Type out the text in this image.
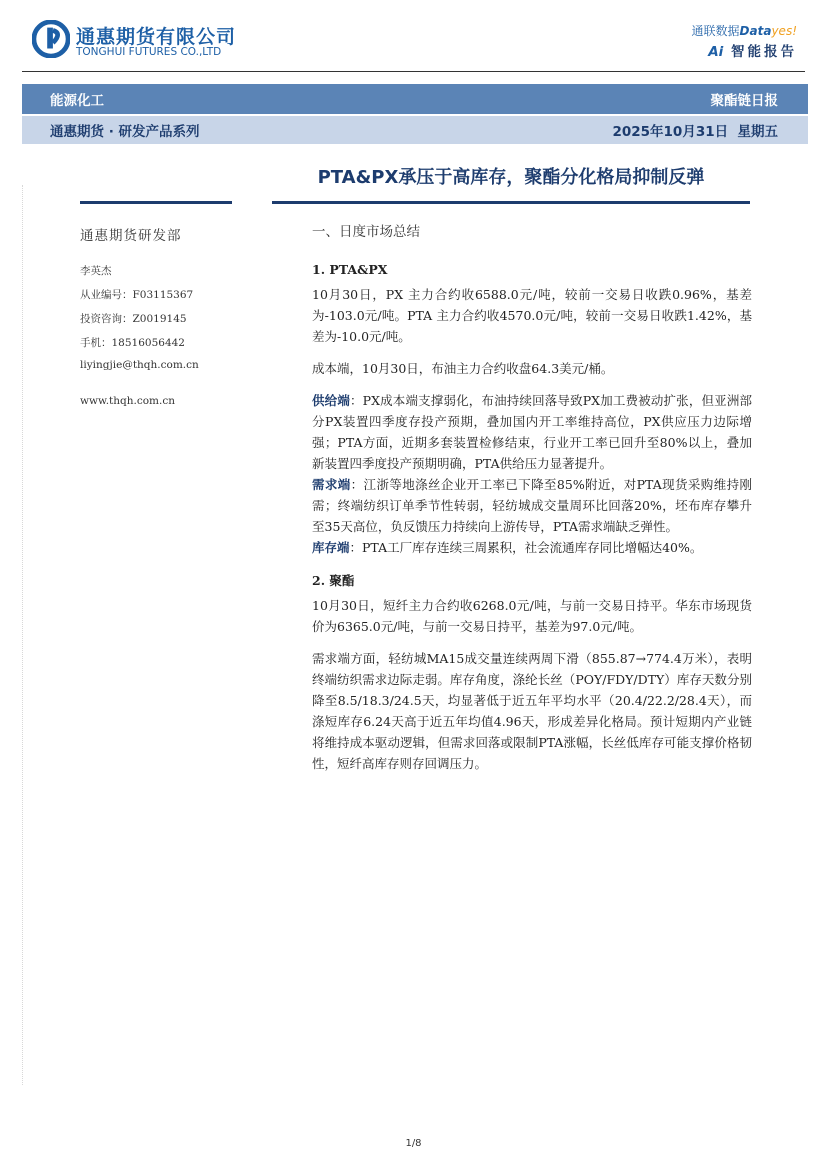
通惠期货有限公司
TONGHUI FUTURES CO.,LTD
通联数据Datayes!
Ai 智能报告
能源化工	聚酯链日报
通惠期货 · 研发产品系列	2025年10月31日  星期五
PTA&PX承压于高库存，聚酯分化格局抑制反弹
通惠期货研发部
李英杰
从业编号：F03115367
投资咨询：Z0019145
手机：18516056442
liyingjie@thqh.com.cn
www.thqh.com.cn

一、日度市场总结

1. PTA&PX

10月30日，PX 主力合约收6588.0元/吨，较前一交易日收跌0.96%，基差为-103.0元/吨。PTA 主力合约收4570.0元/吨，较前一交易日收跌1.42%，基差为-10.0元/吨。

成本端，10月30日，布油主力合约收盘64.3美元/桶。

供给端：PX成本端支撑弱化，布油持续回落导致PX加工费被动扩张，但亚洲部分PX装置四季度存投产预期，叠加国内开工率维持高位，PX供应压力边际增强；PTA方面，近期多套装置检修结束，行业开工率已回升至80%以上，叠加新装置四季度投产预期明确，PTA供给压力显著提升。

需求端：江浙等地涤丝企业开工率已下降至85%附近，对PTA现货采购维持刚需；终端纺织订单季节性转弱，轻纺城成交量周环比回落20%，坯布库存攀升至35天高位，负反馈压力持续向上游传导，PTA需求端缺乏弹性。

库存端：PTA工厂库存连续三周累积，社会流通库存同比增幅达40%。

2. 聚酯

10月30日，短纤主力合约收6268.0元/吨，与前一交易日持平。华东市场现货价为6365.0元/吨，与前一交易日持平，基差为97.0元/吨。

需求端方面，轻纺城MA15成交量连续两周下滑（855.87→774.4万米），表明终端纺织需求边际走弱。库存角度，涤纶长丝（POY/FDY/DTY）库存天数分别降至8.5/18.3/24.5天，均显著低于近五年平均水平（20.4/22.2/28.4天），而涤短库存6.24天高于近五年均值4.96天，形成差异化格局。预计短期内产业链将维持成本驱动逻辑，但需求回落或限制PTA涨幅，长丝低库存可能支撑价格韧性，短纤高库存则存回调压力。

1/8
